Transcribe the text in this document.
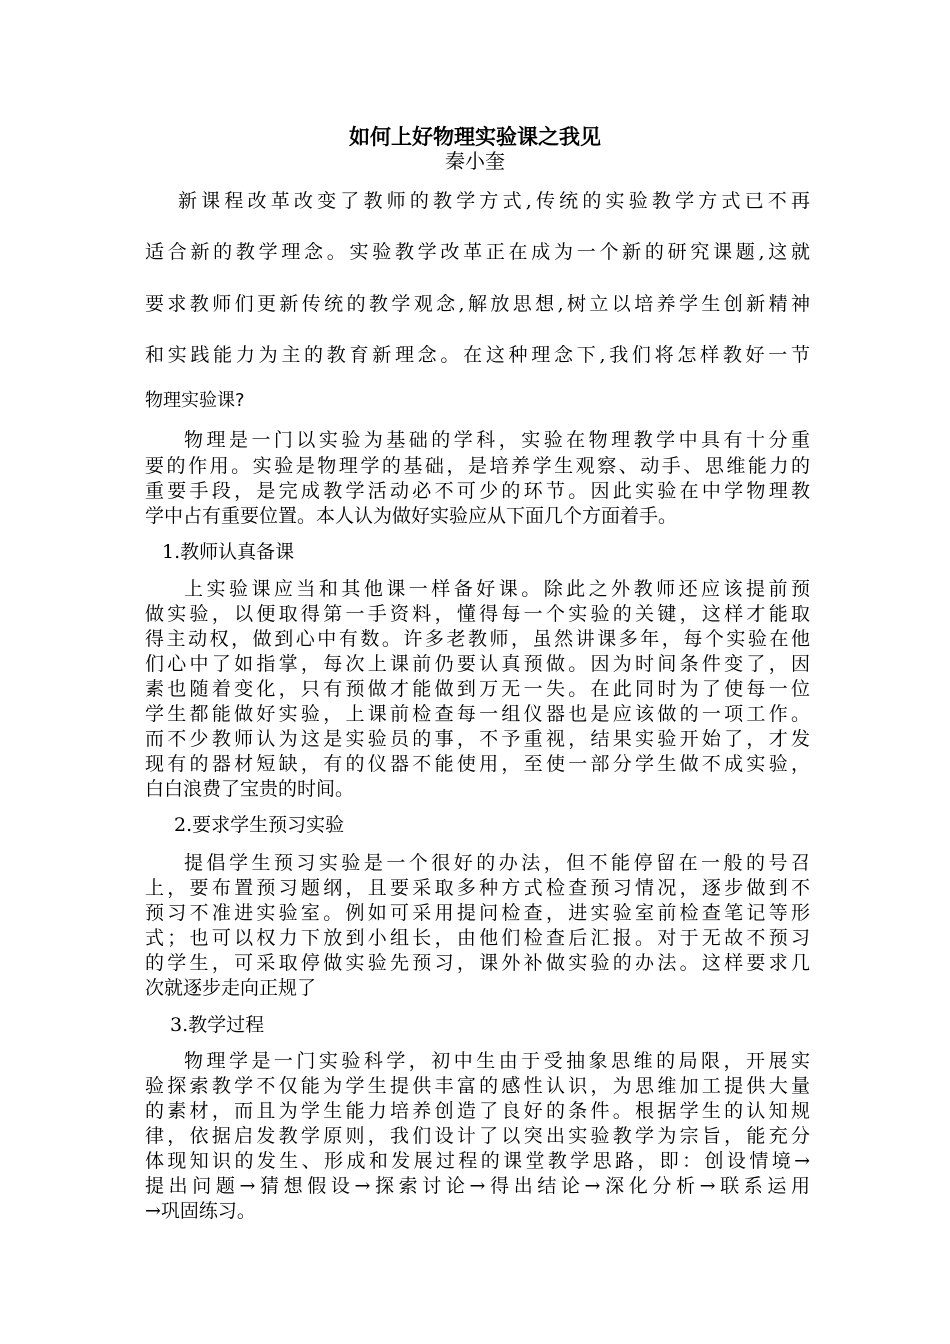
如何上好物理实验课之我见
秦小奎
新课程改革改变了教师的教学方式,传统的实验教学方式已不再
适合新的教学理念。实验教学改革正在成为一个新的研究课题,这就
要求教师们更新传统的教学观念,解放思想,树立以培养学生创新精神
和实践能力为主的教育新理念。在这种理念下,我们将怎样教好一节
物理实验课?
物理是一门以实验为基础的学科，实验在物理教学中具有十分重
要的作用。实验是物理学的基础，是培养学生观察、动手、思维能力的
重要手段，是完成教学活动必不可少的环节。因此实验在中学物理教
学中占有重要位置。本人认为做好实验应从下面几个方面着手。
1.教师认真备课
上实验课应当和其他课一样备好课。除此之外教师还应该提前预
做实验，以便取得第一手资料，懂得每一个实验的关键，这样才能取
得主动权，做到心中有数。许多老教师，虽然讲课多年，每个实验在他
们心中了如指掌，每次上课前仍要认真预做。因为时间条件变了，因
素也随着变化，只有预做才能做到万无一失。在此同时为了使每一位
学生都能做好实验，上课前检查每一组仪器也是应该做的一项工作。
而不少教师认为这是实验员的事，不予重视，结果实验开始了，才发
现有的器材短缺，有的仪器不能使用，至使一部分学生做不成实验，
白白浪费了宝贵的时间。
2.要求学生预习实验
提倡学生预习实验是一个很好的办法，但不能停留在一般的号召
上，要布置预习题纲，且要采取多种方式检查预习情况，逐步做到不
预习不准进实验室。例如可采用提问检查，进实验室前检查笔记等形
式；也可以权力下放到小组长，由他们检查后汇报。对于无故不预习
的学生，可采取停做实验先预习，课外补做实验的办法。这样要求几
次就逐步走向正规了
3.教学过程
物理学是一门实验科学，初中生由于受抽象思维的局限，开展实
验探索教学不仅能为学生提供丰富的感性认识，为思维加工提供大量
的素材，而且为学生能力培养创造了良好的条件。根据学生的认知规
律，依据启发教学原则，我们设计了以突出实验教学为宗旨，能充分
体现知识的发生、形成和发展过程的课堂教学思路，即：创设情境→
提出问题→猜想假设→探索讨论→得出结论→深化分析→联系运用
→巩固练习。
